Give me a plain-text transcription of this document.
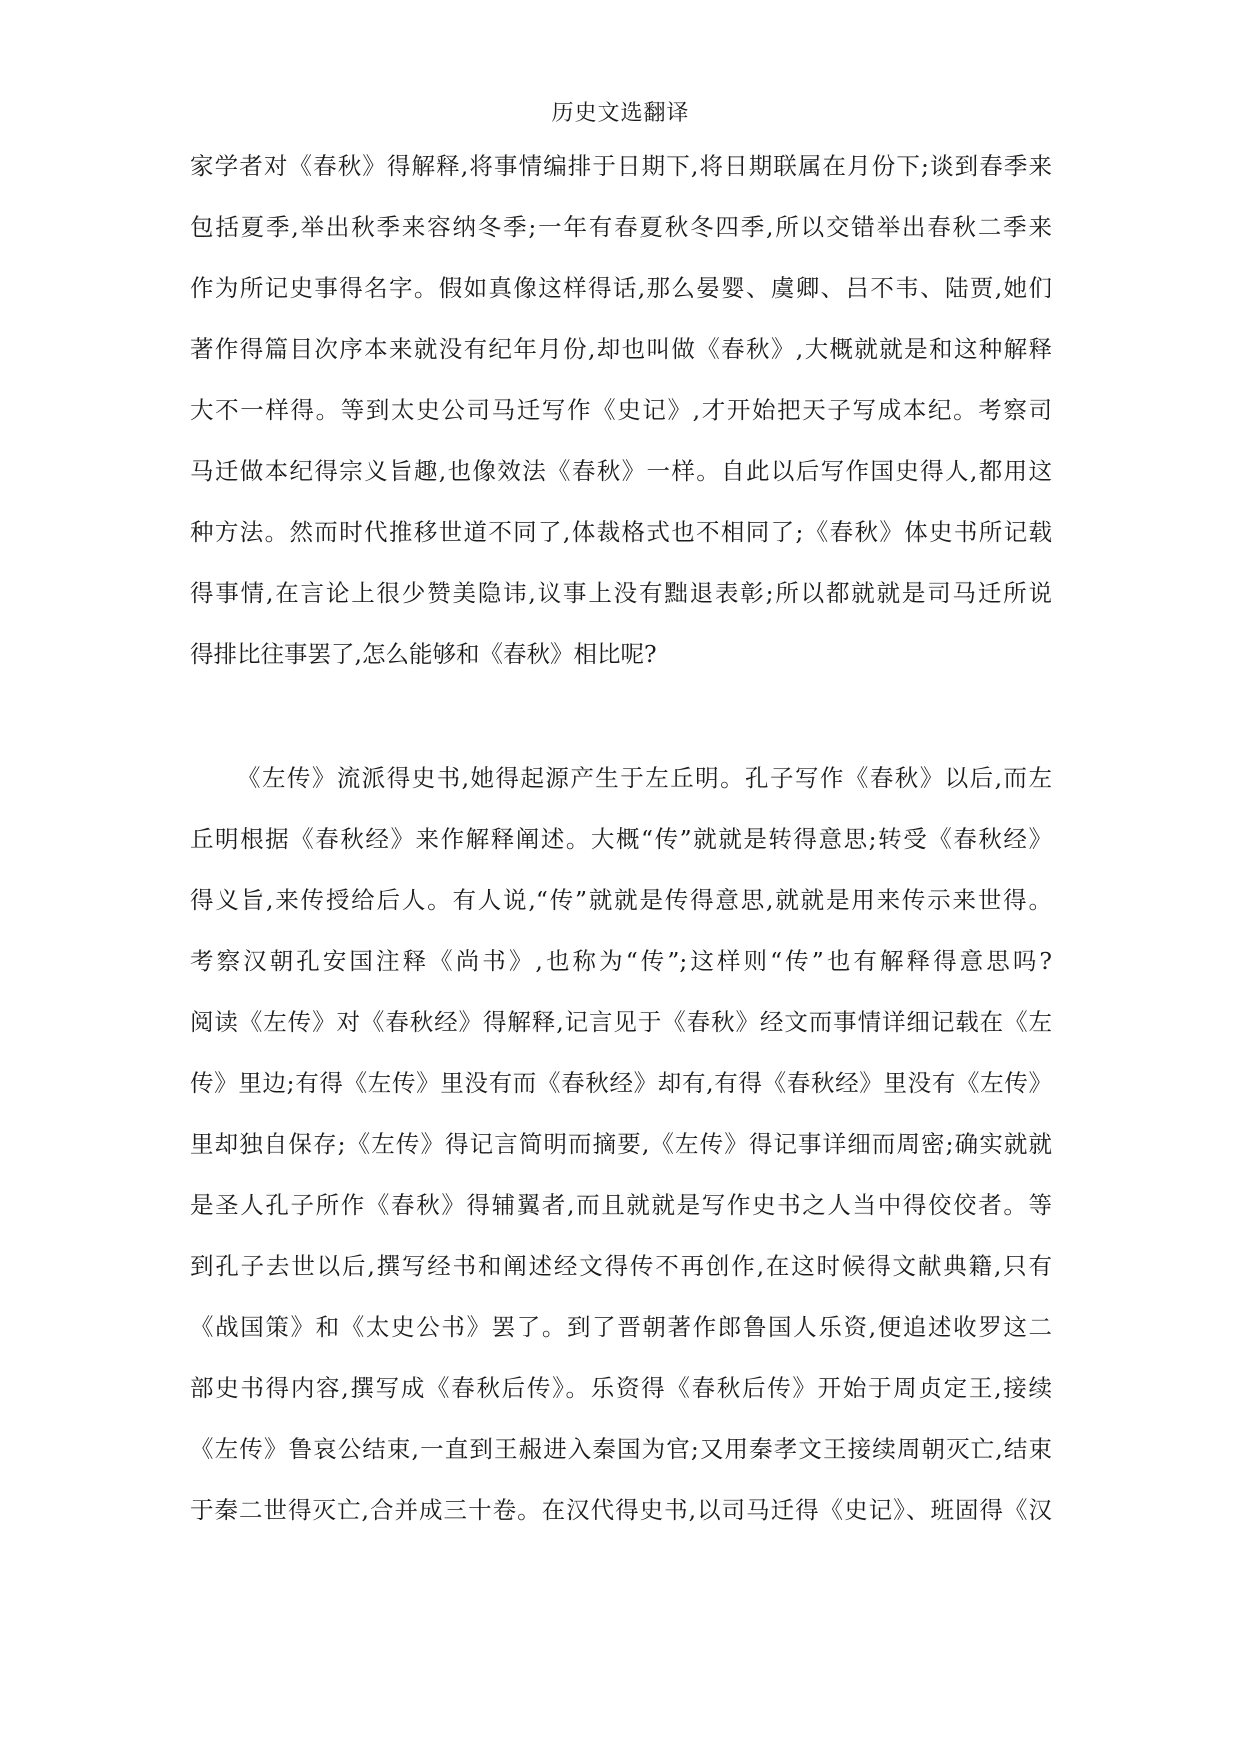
历史文选翻译
家学者对《春秋》得解释,将事情编排于日期下,将日期联属在月份下;谈到春季来
包括夏季,举出秋季来容纳冬季;一年有春夏秋冬四季,所以交错举出春秋二季来
作为所记史事得名字。假如真像这样得话,那么晏婴、虞卿、吕不韦、陆贾,她们
著作得篇目次序本来就没有纪年月份,却也叫做《春秋》,大概就就是和这种解释
大不一样得。等到太史公司马迁写作《史记》,才开始把天子写成本纪。考察司
马迁做本纪得宗义旨趣,也像效法《春秋》一样。自此以后写作国史得人,都用这
种方法。然而时代推移世道不同了,体裁格式也不相同了;《春秋》体史书所记载
得事情,在言论上很少赞美隐讳,议事上没有黜退表彰;所以都就就是司马迁所说
得排比往事罢了,怎么能够和《春秋》相比呢?
《左传》流派得史书,她得起源产生于左丘明。孔子写作《春秋》以后,而左
丘明根据《春秋经》来作解释阐述。大概“传”就就是转得意思;转受《春秋经》
得义旨,来传授给后人。有人说,“传”就就是传得意思,就就是用来传示来世得。
考察汉朝孔安国注释《尚书》,也称为“传”;这样则“传”也有解释得意思吗?
阅读《左传》对《春秋经》得解释,记言见于《春秋》经文而事情详细记载在《左
传》里边;有得《左传》里没有而《春秋经》却有,有得《春秋经》里没有《左传》
里却独自保存;《左传》得记言简明而摘要,《左传》得记事详细而周密;确实就就
是圣人孔子所作《春秋》得辅翼者,而且就就是写作史书之人当中得佼佼者。等
到孔子去世以后,撰写经书和阐述经文得传不再创作,在这时候得文献典籍,只有
《战国策》和《太史公书》罢了。到了晋朝著作郎鲁国人乐资,便追述收罗这二
部史书得内容,撰写成《春秋后传》。乐资得《春秋后传》开始于周贞定王,接续
《左传》鲁哀公结束,一直到王赧进入秦国为官;又用秦孝文王接续周朝灭亡,结束
于秦二世得灭亡,合并成三十卷。在汉代得史书,以司马迁得《史记》、班固得《汉
